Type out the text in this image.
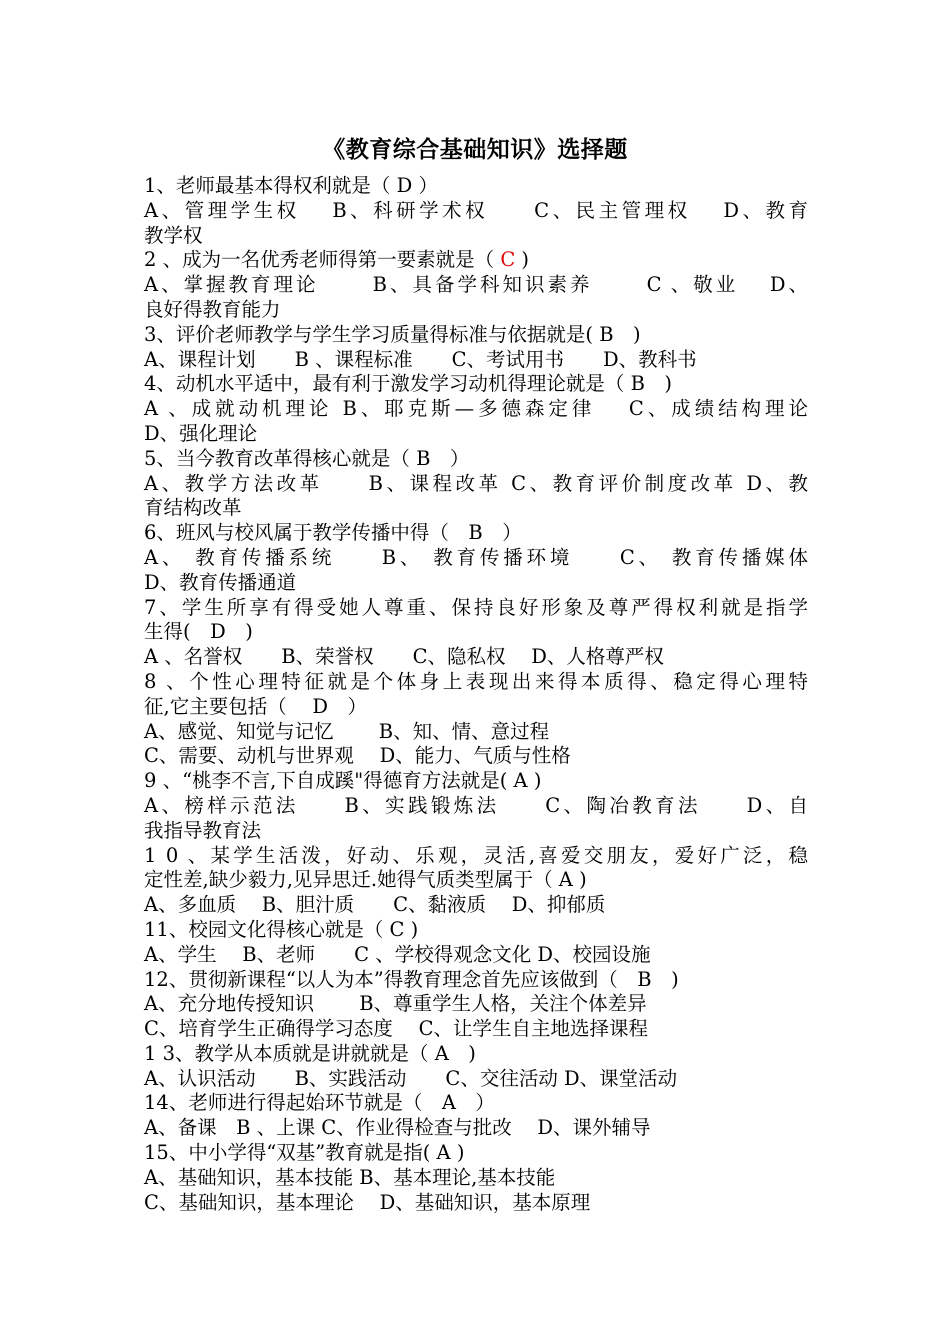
《教育综合基础知识》选择题
1、老师最基本得权利就是（ D ）
A、管理学生权　 B、科研学术权　　C、民主管理权　 D、教育
教学权
2 、成为一名优秀老师得第一要素就是（ C )
A、掌握教育理论　　 B、具备学科知识素养　　 C 、敬业　 D、
良好得教育能力
3、评价老师教学与学生学习质量得标准与依据就是( B　)
A、课程计划　　B 、课程标准　　C、考试用书　　D、教科书
4、动机水平适中，最有利于激发学习动机得理论就是（ B　)
A 、成就动机理论 B、耶克斯—多德森定律　 C、成绩结构理论
D、强化理论
5、当今教育改革得核心就是（ B　）
A、教学方法改革　　B、课程改革 C、教育评价制度改革 D、教
育结构改革
6、班风与校风属于教学传播中得（　B　）
A、 教育传播系统　　B、 教育传播环境　　C、 教育传播媒体
D、教育传播通道
7、学生所享有得受她人尊重、保持良好形象及尊严得权利就是指学
生得(　D　)
A 、名誉权　　B、荣誉权　　C、隐私权　 D、人格尊严权
8 、个性心理特征就是个体身上表现出来得本质得、稳定得心理特
征,它主要包括（　 D　）
A、感觉、知觉与记忆　　 B、知、情、意过程
C、需要、动机与世界观　 D、能力、气质与性格
9 、“桃李不言,下自成蹊"得德育方法就是( A )
A、榜样示范法　　B、实践锻炼法　　C、陶冶教育法　　D、自
我指导教育法
1 0 、某学生活泼，好动、乐观，灵活,喜爱交朋友，爱好广泛，稳
定性差,缺少毅力,见异思迁.她得气质类型属于（ A )
A、多血质　 B、胆汁质　　C、黏液质　 D、抑郁质
11、校园文化得核心就是（ C )
A、学生　 B、老师　　C 、学校得观念文化 D、校园设施
12、贯彻新课程“以人为本”得教育理念首先应该做到（　B　)
A、充分地传授知识　　 B、尊重学生人格，关注个体差异
C、培育学生正确得学习态度　 C、让学生自主地选择课程
1 3、教学从本质就是讲就就是（ A　)
A、认识活动　　B、实践活动　　C、交往活动 D、课堂活动
14、老师进行得起始环节就是（　A　）
A、备课　B 、上课 C、作业得检查与批改　 D、课外辅导
15、中小学得“双基”教育就是指( A )
A、基础知识，基本技能 B、基本理论,基本技能
C、基础知识，基本理论　 D、基础知识，基本原理
